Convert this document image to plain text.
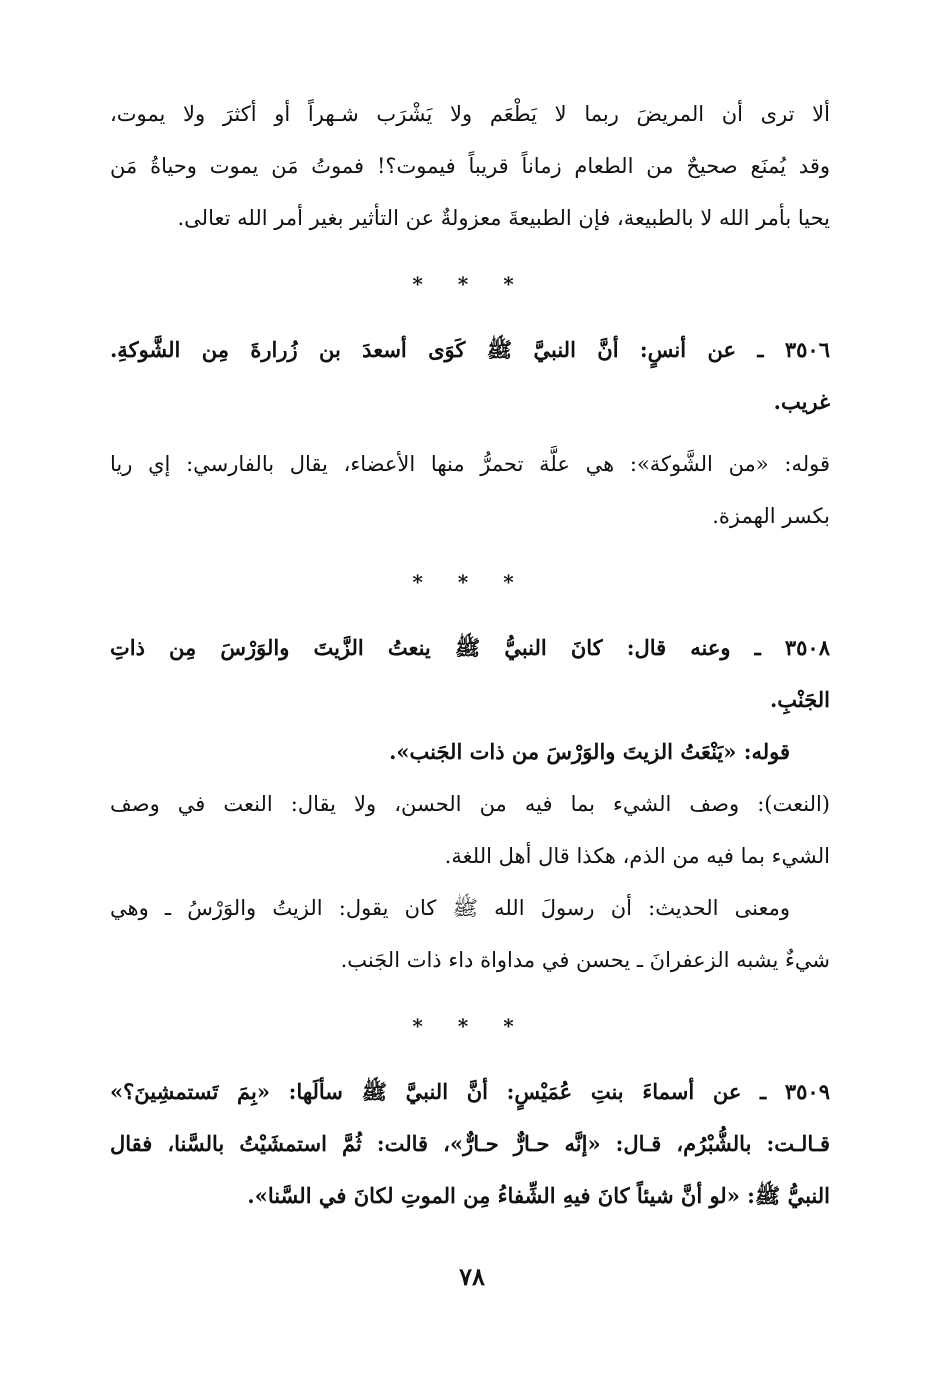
ألا ترى أن المريضَ ربما لا يَطْعَم ولا يَشْرَب شـهراً أو أكثرَ ولا يموت،
وقد يُمنَع صحيحٌ من الطعام زماناً قريباً فيموت؟! فموتُ مَن يموت وحياةُ مَن
يحيا بأمر الله لا بالطبيعة، فإن الطبيعةَ معزولةٌ عن التأثير بغير أمر الله تعالى.
* * *
٣٥٠٦ ـ عن أنسٍ: أنَّ النبيَّ ﷺ كَوَى أسعدَ بن زُرارةَ مِن الشَّوكةِ.
غريب.
قوله: «من الشَّوكة»: هي علَّة تحمرُّ منها الأعضاء، يقال بالفارسي: إي ريا
بكسر الهمزة.
* * *
٣٥٠٨ ـ وعنه قال: كانَ النبيُّ ﷺ ينعتُ الزَّيتَ والوَرْسَ مِن ذاتِ
الجَنْبِ.
قوله: «يَنْعَتُ الزيتَ والوَرْسَ من ذات الجَنب».
(النعت): وصف الشيء بما فيه من الحسن، ولا يقال: النعت في وصف
الشيء بما فيه من الذم، هكذا قال أهل اللغة.
ومعنى الحديث: أن رسولَ الله ﷺ كان يقول: الزيتُ والوَرْسُ ـ وهي
شيءٌ يشبه الزعفرانَ ـ يحسن في مداواة داء ذات الجَنب.
* * *
٣٥٠٩ ـ عن أسماءَ بنتِ عُمَيْسٍ: أنَّ النبيَّ ﷺ سألَها: «بِمَ تَستمشِينَ؟»
قـالـت: بالشُّبْرُم، قـال: «إنَّه حـارٌّ حـارٌّ»، قالت: ثُمَّ استمشَيْتُ بالسَّنا، فقال
النبيُّ ﷺ: «لو أنَّ شيئاً كانَ فيهِ الشِّفاءُ مِن الموتِ لكانَ في السَّنا».
٧٨
